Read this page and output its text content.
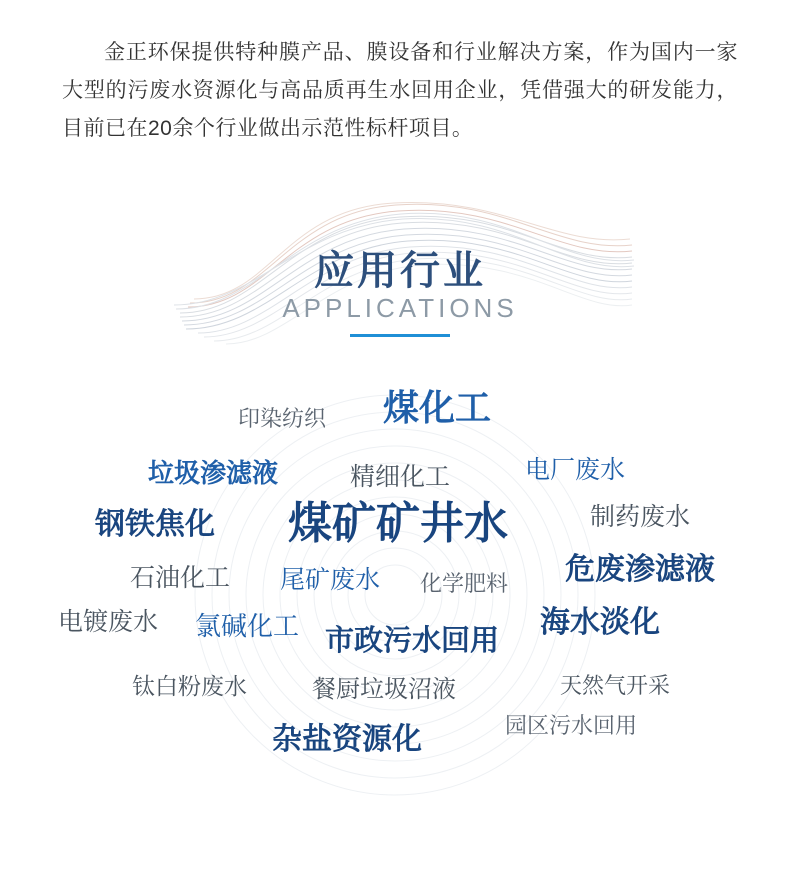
金正环保提供特种膜产品、膜设备和行业解决方案，作为国内一家大型的污废水资源化与高品质再生水回用企业，凭借强大的研发能力，目前已在20余个行业做出示范性标杆项目。
应用行业
APPLICATIONS
印染纺织 煤化工
垃圾渗滤液	精细化工	电厂废水
钢铁焦化 煤矿矿井水	制药废水
石油化工 尾矿废水 化学肥料 危废渗滤液
电镀废水 氯碱化工	海水淡化
市政污水回用
钛白粉废水	餐厨垃圾沼液	天然气开采
园区污水回用
杂盐资源化
